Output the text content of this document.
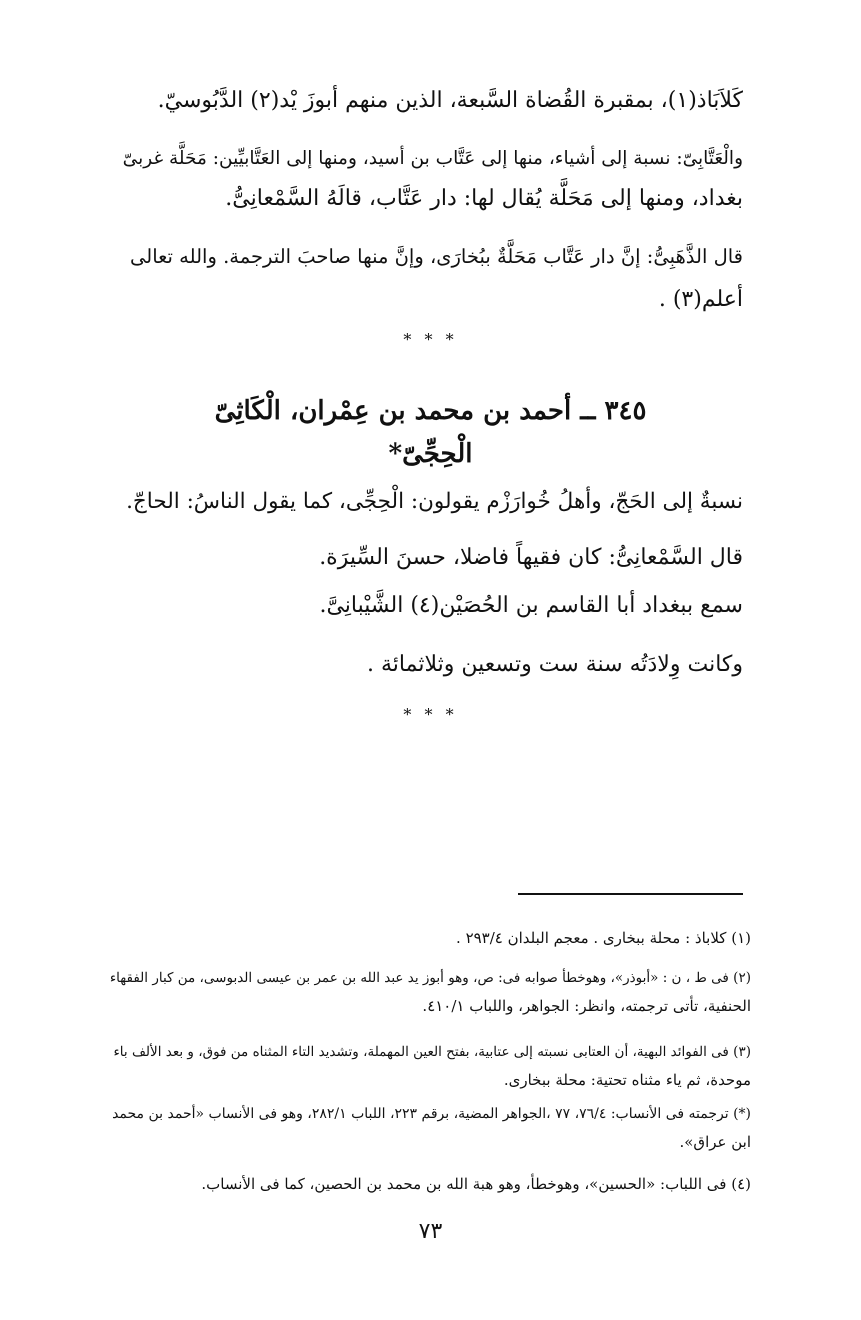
كَلاَبَاذ(١)، بمقبرة القُضاة السَّبعة، الذين منهم أبوزَ يْد(٢) الدَّبُوسيّ.
والْعَتَّابِىّ: نسبة إلى أشياء، منها إلى عَتَّاب بن أسيد، ومنها إلى العَتَّابيِّين: مَحَلَّة غربىّ
بغداد، ومنها إلى مَحَلَّة يُقال لها: دار عَتَّاب، قالَهُ السَّمْعانِىُّ.
قال الذَّهَبِىُّ: إنَّ دار عَتَّاب مَحَلَّةٌ ببُخارَى، وإنَّ منها صاحبَ الترجمة. والله تعالى
أعلم(٣) .
* * *
٣٤٥ ــ أحمد بن محمد بن عِمْران، الْكَاثِىّ
الْحِجِّىّ*
نسبةٌ إلى الحَجّ، وأهلُ خُوارَزْم يقولون: الْحِجِّى، كما يقول الناسُ: الحاجّ.
قال السَّمْعانِىُّ: كان فقيهاً فاضلا، حسنَ السِّيرَة.
سمع ببغداد أبا القاسم بن الحُصَيْن(٤) الشَّيْبانِىَّ.
وكانت وِلادَتُه سنة ست وتسعين وثلاثمائة .
* * *
(١) كلاباذ : محلة ببخارى . معجم البلدان ٢٩٣/٤ .
(٢) فى ط ، ن : «أبوذر»، وهوخطأ صوابه فى: ص، وهو أبوز يد عبد الله بن عمر بن عيسى الدبوسى، من كبار الفقهاء
الحنفية، تأتى ترجمته، وانظر: الجواهر، واللباب ٤١٠/١.
(٣) فى الفوائد البهية، أن العتابى نسبته إلى عتابية، بفتح العين المهملة، وتشديد التاء المثناه من فوق، و بعد الألف باء
موحدة، ثم ياء مثناه تحتية: محلة ببخارى.
(*) ترجمته فى الأنساب: ٧٦/٤، ٧٧ ،الجواهر المضية، برقم ٢٢٣، اللباب ٢٨٢/١، وهو فى الأنساب «أحمد بن محمد
ابن عراق».
(٤) فى اللباب: «الحسين»، وهوخطأ، وهو هبة الله بن محمد بن الحصين، كما فى الأنساب.
٧٣
